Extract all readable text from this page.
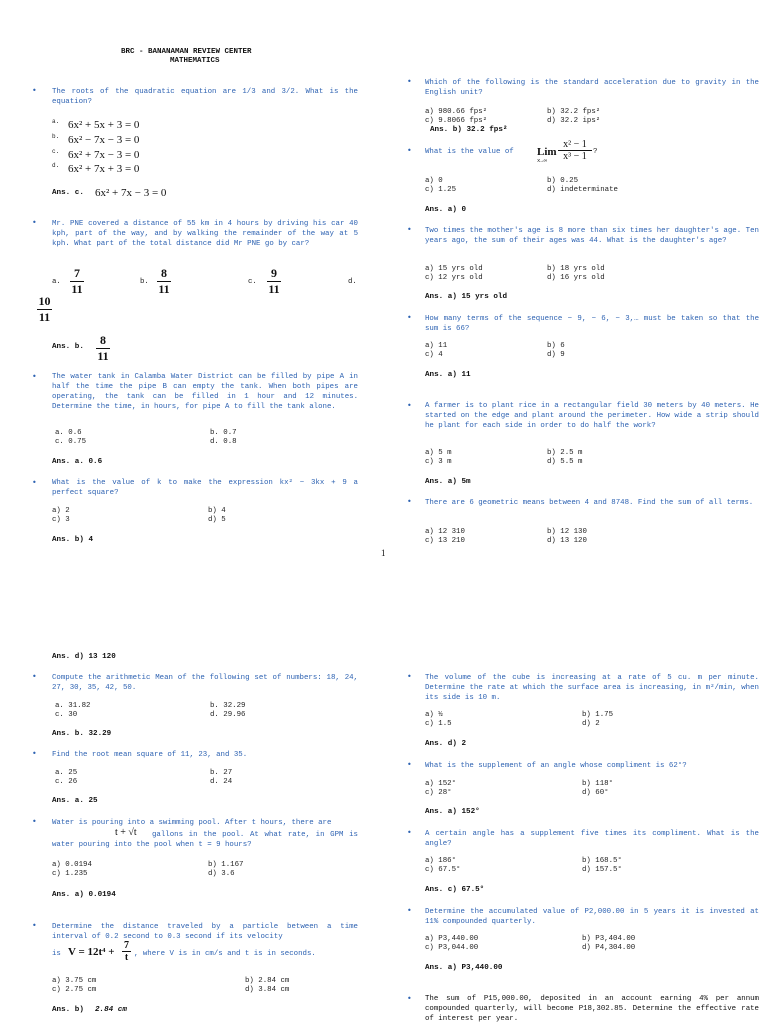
BRC - BANANAMAN REVIEW CENTER
MATHEMATICS
• The roots of the quadratic equation are 1/3 and 3/2. What is the equation?
a. 6x² + 5x + 3 = 0
b. 6x² − 7x − 3 = 0
c. 6x² + 7x − 3 = 0
d. 6x² + 7x + 3 = 0
Ans. c. 6x² + 7x − 3 = 0
• Mr. PNE covered a distance of 55 km in 4 hours by driving his car 40 kph, part of the way, and by walking the remainder of the way at 5 kph. What part of the total distance did Mr PNE go by car?
a.
7
11	b.
8
11	c.
9
11	d.
10
11
Ans. b. 8
11
• The water tank in Calamba Water District can be filled by pipe A in half the time the pipe B can empty the tank. When both pipes are operating, the tank can be filled in 1 hour and 12 minutes. Determine the time, in hours, for pipe A to fill the tank alone.
a. 0.6	b. 0.7
c. 0.75	d. 0.8
Ans. a. 0.6
• What is the value of k to make the expression kx² − 3kx + 9 a perfect square?
a) 2	b) 4
c) 3	d) 5
Ans. b) 4
• Which of the following is the standard acceleration due to gravity in the English unit?
a) 980.66 fps²	b) 32.2 fps²
c) 9.8066 fps²	d) 32.2 ips²
Ans. b) 32.2 fps²
• What is the value of	Lim
x→∞
x² − 1
x³ − 1 ?
a) 0	b) 0.25
c) 1.25	d) indeterminate
Ans. a) 0
• Two times the mother's age is 8 more than six times her daughter's age. Ten years ago, the sum of their ages was 44. What is the daughter's age?
a) 15 yrs old	b) 18 yrs old
c) 12 yrs old	d) 16 yrs old
Ans. a) 15 yrs old
• How many terms of the sequence − 9, − 6, − 3,… must be taken so that the sum is 66?
a) 11	b) 6
c) 4	d) 9
Ans. a) 11
• A farmer is to plant rice in a rectangular field 30 meters by 40 meters. He started on the edge and plant around the perimeter. How wide a strip should he plant for each side in order to do half the work?
a) 5 m	b) 2.5 m
c) 3 m	d) 5.5 m
Ans. a) 5m
• There are 6 geometric means between 4 and 8748. Find the sum of all terms.
a) 12 310	b) 12 130
c) 13 210	d) 13 120
1
Ans. d) 13 120
• Compute the arithmetic Mean of the following set of numbers: 18, 24, 27, 30, 35, 42, 50.
a. 31.82	b. 32.29
c. 30	d. 29.96
Ans. b. 32.29
• Find the root mean square of 11, 23, and 35.
a. 25	b. 27
c. 26	d. 24
Ans. a. 25
• Water is pouring into a swimming pool. After t hours, there are
t + √t	gallons in the pool. At what rate, in GPM is water pouring into the pool when t = 9 hours?
a) 0.0194	b) 1.167
c) 1.235	d) 3.6
Ans. a) 0.0194
• Determine the distance traveled by a particle between a time interval of 0.2 second to 0.3 second if its velocity
is V = 12t⁴ +
7
t , where V is in cm/s and t is in seconds.
a) 3.75 cm	b) 2.84 cm
c) 2.75 cm	d) 3.84 cm
Ans. b) 2.84 cm
• The volume of the cube is increasing at a rate of 5 cu. m per minute. Determine the rate at which the surface area is increasing, in m²/min, when its side is 10 m.
a) ½	b) 1.75
c) 1.5	d) 2
Ans. d) 2
• What is the supplement of an angle whose compliment is 62°?
a) 152°	b) 118°
c) 28°	d) 60°
Ans. a) 152°
• A certain angle has a supplement five times its compliment. What is the angle?
a) 186°	b) 168.5°
c) 67.5°	d) 157.5°
Ans. c) 67.5°
• Determine the accumulated value of P2,000.00 in 5 years it is invested at 11% compounded quarterly.
a) P3,440.00	b) P3,404.00
c) P3,044.00	d) P4,304.00
Ans. a) P3,440.00
• The sum of P15,000.00, deposited in an account earning 4% per annum compounded quarterly, will become P18,302.85. Determine the effective rate of interest per year.
